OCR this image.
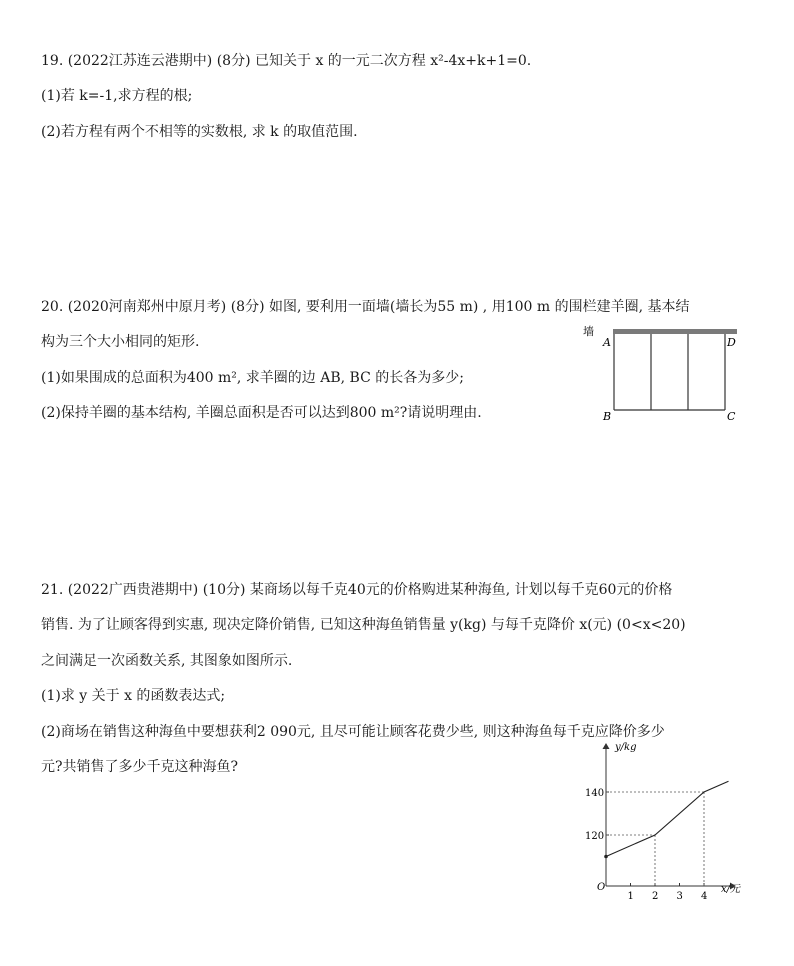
19. (2022江苏连云港期中) (8分) 已知关于 x 的一元二次方程 x²-4x+k+1=0.
(1)若 k=-1,求方程的根;
(2)若方程有两个不相等的实数根, 求 k 的取值范围.
20. (2020河南郑州中原月考) (8分) 如图, 要利用一面墙(墙长为55 m) , 用100 m 的围栏建羊圈, 基本结
构为三个大小相同的矩形.
(1)如果围成的总面积为400 m², 求羊圈的边 AB, BC 的长各为多少;
(2)保持羊圈的基本结构, 羊圈总面积是否可以达到800 m²?请说明理由.
墙
A	D
B	C
21. (2022广西贵港期中) (10分) 某商场以每千克40元的价格购进某种海鱼, 计划以每千克60元的价格
销售. 为了让顾客得到实惠, 现决定降价销售, 已知这种海鱼销售量 y(kg) 与每千克降价 x(元) (0<x<20)
之间满足一次函数关系, 其图象如图所示.
(1)求 y 关于 x 的函数表达式;
(2)商场在销售这种海鱼中要想获利2 090元, 且尽可能让顾客花费少些, 则这种海鱼每千克应降价多少
元?共销售了多少千克这种海鱼?
y/kg
x/元
O
1 2 3 4
120
140
